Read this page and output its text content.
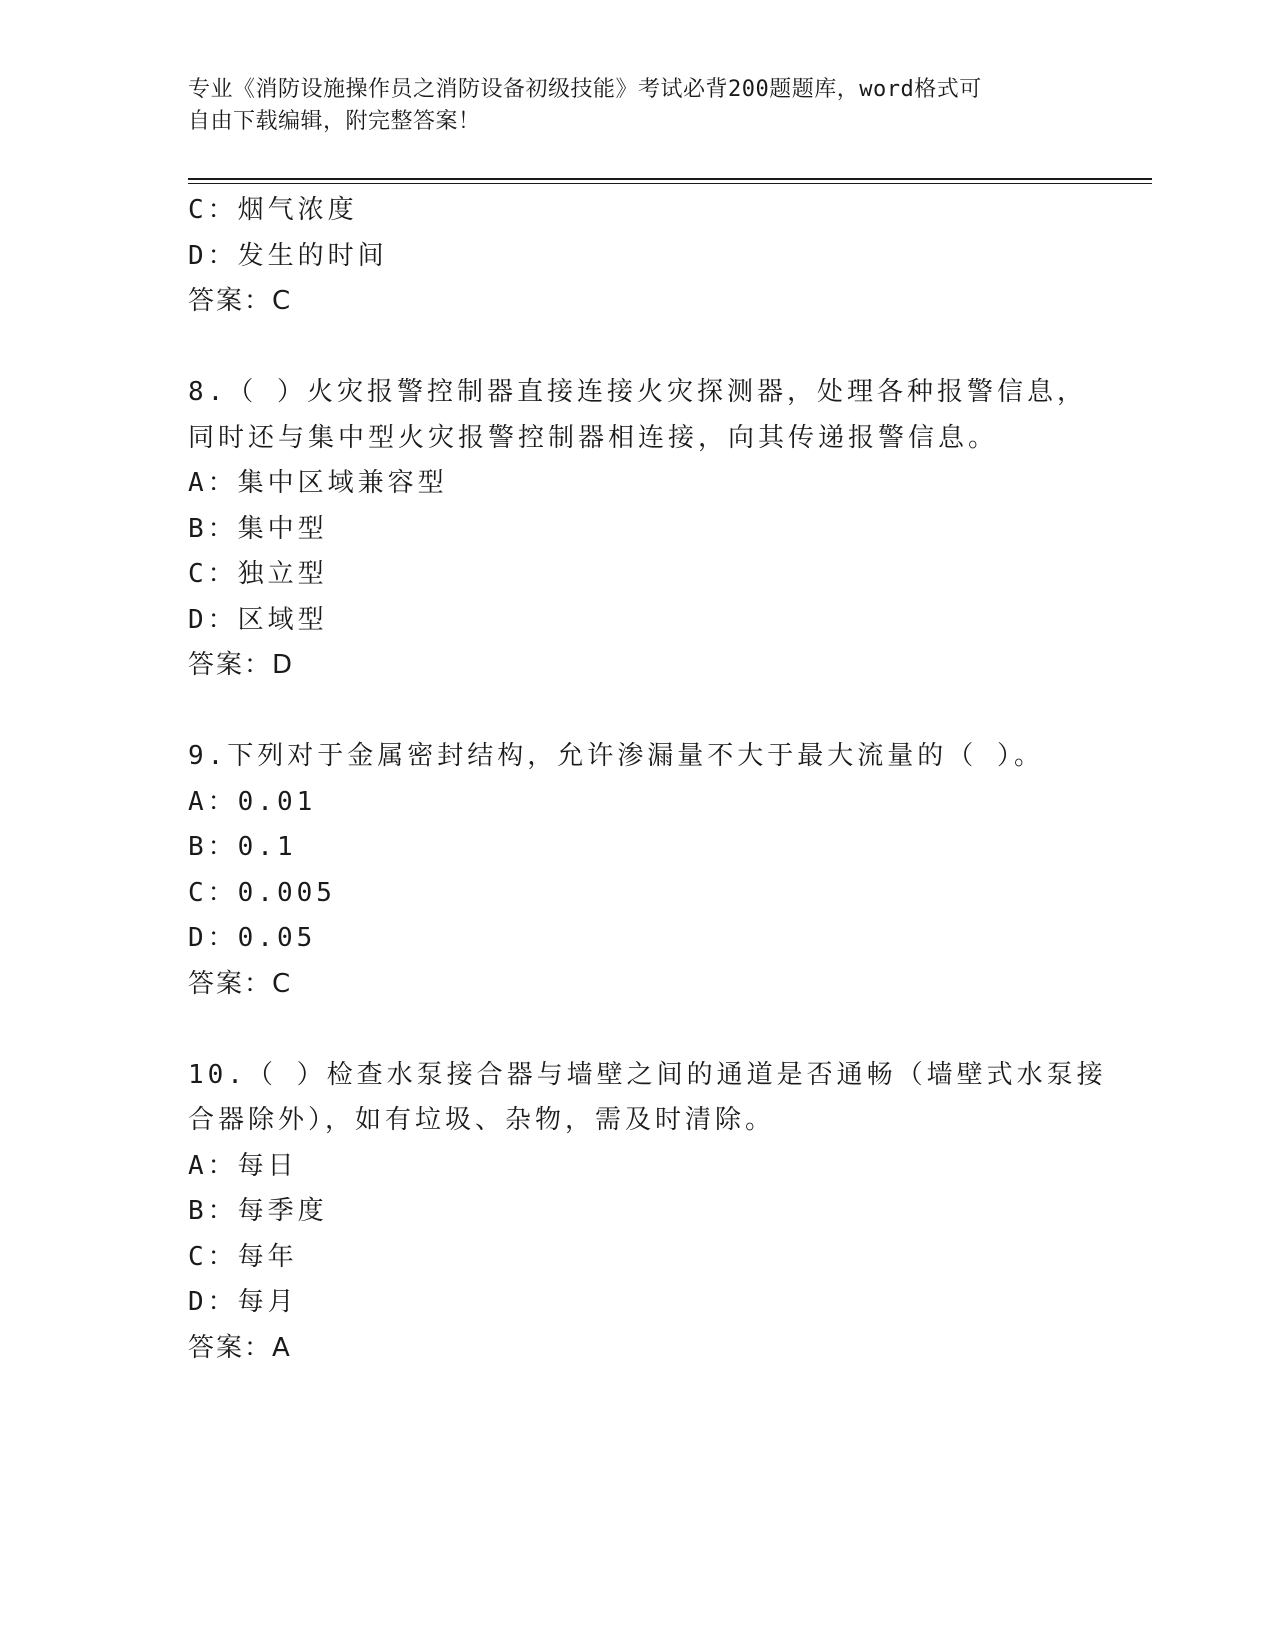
专业《消防设施操作员之消防设备初级技能》考试必背200题题库，word格式可
自由下载编辑，附完整答案！
C：烟气浓度
D：发生的时间
答案：C
8.（ ）火灾报警控制器直接连接火灾探测器，处理各种报警信息，
同时还与集中型火灾报警控制器相连接，向其传递报警信息。
A：集中区域兼容型
B：集中型
C：独立型
D：区域型
答案：D
9.下列对于金属密封结构，允许渗漏量不大于最大流量的（ ）。
A：0.01
B：0.1
C：0.005
D：0.05
答案：C
10.（ ）检查水泵接合器与墙壁之间的通道是否通畅（墙壁式水泵接
合器除外），如有垃圾、杂物，需及时清除。
A：每日
B：每季度
C：每年
D：每月
答案：A
